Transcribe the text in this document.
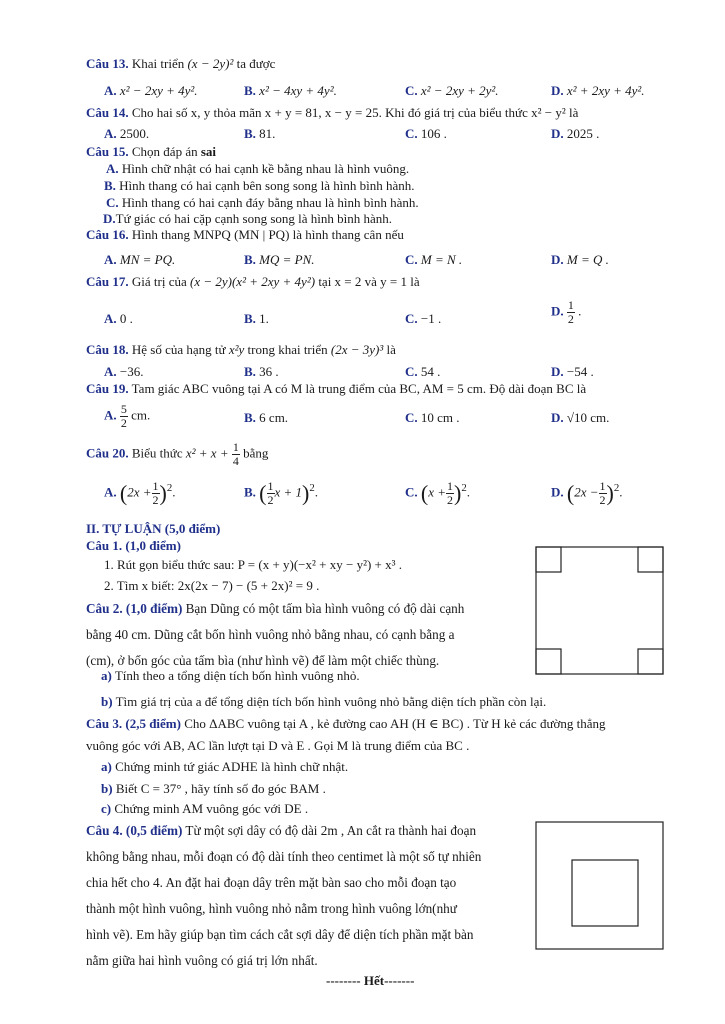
Câu 13. Khai triển (x − 2y)² ta được
A. x² − 2xy + 4y².	B. x² − 4xy + 4y².	C. x² − 2xy + 2y².	D. x² + 2xy + 4y².
Câu 14. Cho hai số x, y thỏa mãn x + y = 81, x − y = 25. Khi đó giá trị của biểu thức x² − y² là
A. 2500.	B. 81.	C. 106 .	D. 2025 .
Câu 15. Chọn đáp án sai
A. Hình chữ nhật có hai cạnh kề bằng nhau là hình vuông.
B. Hình thang có hai cạnh bên song song là hình bình hành.
C. Hình thang có hai cạnh đáy bằng nhau là hình bình hành.
D.Tứ giác có hai cặp cạnh song song là hình bình hành.
Câu 16. Hình thang MNPQ (MN | PQ) là hình thang cân nếu
A. MN = PQ.	B. MQ = PN.	C. M = N .	D. M = Q .
Câu 17. Giá trị của (x − 2y)(x² + 2xy + 4y²) tại x = 2 và y = 1 là
A. 0 .	B. 1.	C. −1 .
D. $\frac{1}{2}$ .
Câu 18. Hệ số của hạng tử x²y trong khai triển (2x − 3y)³ là
A. −36.	B. 36 .	C. 54 .	D. −54 .
Câu 19. Tam giác ABC vuông tại A có M là trung điểm của BC, AM = 5 cm. Độ dài đoạn BC là
A. $\frac{5}{2}$ cm.	B. 6 cm.	C. 10 cm .	D. √10 cm.
Câu 20. Biểu thức $x^2 + x + \frac{1}{4}$ bằng
A. $(2x + \frac{1}{2} )^2$.	B. ( $\frac{1}{2}$ x + 1)$^2$.	C. $(x + \frac{1}{2} )^2$.	D. $(2x - \frac{1}{2} )^2$.
II. TỰ LUẬN (5,0 điểm)
Câu 1. (1,0 điểm)
1. Rút gọn biểu thức sau: P = (x + y)(−x² + xy − y²) + x³ .
2. Tìm x biết: 2x(2x − 7) − (5 + 2x)² = 9 .
Câu 2. (1,0 điểm) Bạn Dũng có một tấm bìa hình vuông có độ dài cạnh
bằng 40 cm. Dũng cắt bốn hình vuông nhỏ bằng nhau, có cạnh bằng a
(cm), ở bốn góc của tấm bìa (như hình vẽ) để làm một chiếc thùng.
a) Tính theo a tổng diện tích bốn hình vuông nhỏ.
b) Tìm giá trị của a để tổng diện tích bốn hình vuông nhỏ bằng diện tích phần còn lại.
Câu 3. (2,5 điểm) Cho ΔABC vuông tại A , kẻ đường cao AH (H ∈ BC) . Từ H kẻ các đường thẳng
vuông góc với AB, AC lần lượt tại D và E . Gọi M là trung điểm của BC .
a) Chứng minh tứ giác ADHE là hình chữ nhật.
b) Biết C = 37° , hãy tính số đo góc BAM .
c) Chứng minh AM vuông góc với DE .
Câu 4. (0,5 điểm) Từ một sợi dây có độ dài 2m , An cắt ra thành hai đoạn
không bằng nhau, mỗi đoạn có độ dài tính theo centimet là một số tự nhiên
chia hết cho 4. An đặt hai đoạn dây trên mặt bàn sao cho mỗi đoạn tạo
thành một hình vuông, hình vuông nhỏ nằm trong hình vuông lớn(như
hình vẽ). Em hãy giúp bạn tìm cách cắt sợi dây để diện tích phần mặt bàn
nằm giữa hai hình vuông có giá trị lớn nhất.
-------- Hết-------
